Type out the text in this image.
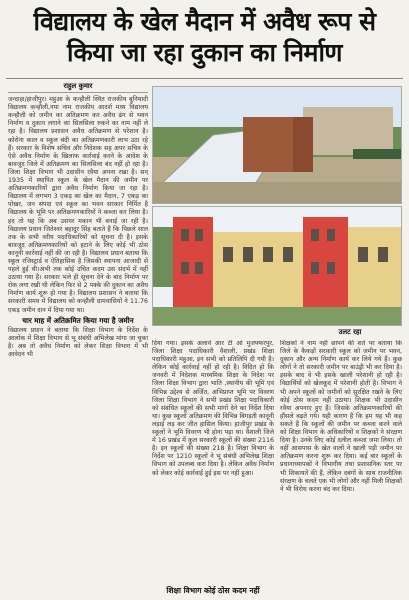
विद्यालय के खेल मैदान में अवैध रूप से किया जा रहा दुकान का निर्माण
राहुल कुमार

जन्दाहा/हाजीपुर। महुआ के कन्हौली स्थित राजकीय बुनियादी विद्यालय कन्हौली,नया नाम राजकीय आदर्श मध्य विद्यालय कन्हौली को जमीन का अतिक्रमण कर अवैध ढंग से भवन निर्माण व दुकान लगाने का सिलसिला रुकने का नाम नहीं ले रहा है। विद्यालय प्रशासन अवैध अतिक्रमण से परेशान है। कोरोना काल व स्कूल बंदी का अतिक्रमणकारी लाभ उठा रहे हैं। सरकार के विशेष सचिव और निदेशक सह अपर सचिव के ऐसे अवैध निर्माण के खिलाफ कार्रवाई करने के आदेश के बावजूद जिले में अतिक्रमण का सिलसिला बंद नहीं हो रहा है। जिला शिक्षा विभाग भी उदासीन रवैया अपना रखा है। सन् 1935 में स्थापित स्कूल के खेल मैदान की जमीन पर अतिक्रमणकारियों द्वारा अवैध निर्माण किया जा रहा है। विद्यालय में लगभग 3 एकड़ का खेल का मैदान, 7 एकड़ का पोखर, जन संपदा एवं स्कूल का भवन सरकार निर्मित है विद्यालय के भूमि पर अतिक्रमणकारियों ने कब्जा कर लिया है। हद तो यह कि अब उसपर मकान भी बनाई जा रही है। विद्यालय प्रधान जितेश्वर बहादुर सिंह बताते हैं कि पिछले साल तक के सभी वरीय पदाधिकारियों को सूचना दी है। इसके बावजूद अतिक्रमणकारियों को हटाने के लिए कोई भी ठोस कानूनी कार्रवाई नहीं की जा रही है। विद्यालय प्रधान बताया कि स्कूल रजिस्ट्रार्ड व ऐतिहासिक है जिसकी स्थापना आजादी से पहले हुई थी।अभी तक कोई उचित कदम उस संदर्भ में नहीं उठाया गया है। सरकार भले ही सूचना देने के बाद निर्माण पर रोक लगा रखी थी लेकिन फिर से 2 पक्के की दुकान का अवैध निर्माण कार्य शुरू हो गया है। विद्यालय प्रशासन ने बताया कि सरकारी समय में विद्यालय को कन्हौली ग्रामवासियों ने 11.76 एकड़ जमीन दान में दिया गया था।

चार माह में अतिक्रमित किया गया है जमीन

विद्यालय प्रधान ने बताया कि शिक्षा विभाग के निर्देश के आलोक में शिक्षा विभाग से भू संबंधी अभिलेख मांगा जा चुका है। अब तो अवैध निर्माण को लेकर शिक्षा विभाग में भी आवेदन भी

उलट रहा

दिया गया। इसके अलावे आर टी ओ मुजफ्फरपुर, जिला शिक्षा पदाधिकारी वैशाली, प्रखंड शिक्षा पदाधिकारी महुआ, इन सभी को प्रतिलिपि दी गयी है। लेकिन कोई कार्रवाई नहीं हो रही है। विदित हो कि जनवरी में निदेशक माध्यमिक शिक्षा के निदेश पर जिला शिक्षा विभाग द्वारा भाति ,स्थानीय की भूमि एवं विभिन्न उद्देश्य से अर्जित, अभिप्राप्त भूमि पर विवरण जिला शिक्षा विभाग ने सभी प्रखंड शिक्षा पदाधिकारी को संबंधित स्कूलों की सभी मांगों देने का निर्देश दिया था। कुछ स्कूलों अतिक्रमण की विभिन्न बिगड़ती कानूनी लड़ाई लड़ कर जीत हासिल किया। हाजीपुर प्रखंड के स्कूलों ने भूमि विवरण भी होना पड़ा था। वैशाली जिले में 16 प्रखंड में कुल सरकारी स्कूलों की संख्या 2116 है। इन स्कूलों की संख्या 218 है। शिक्षा विभाग के निर्देश पर 1210 स्कूलों ने भू संबंधी अभिलेख शिक्षा विभाग को उपलब्ध करा दिया है। लेकिन अवैध निर्माण को लेकर कोई कार्रवाई हुई इस पर नहीं हुआ।

शिक्षा विभाग कोई ठोस कदम नहीं

शिक्षकों ने नाम नहीं छापने की शर्त पर बताया कि जिले के कैकड़ों सरकारी स्कूल को जमीन पर भवन, दुकान और अन्य निर्माण कार्य कर लिये गये हैं। कुछ लोगों ने तो सरकारी जमीन पर बाउंड्री भी कर दिया है। इसके बाद वे भी इसके खाली परेशानी हो रही है। विद्यार्थियों को खेलकूद में परेशानी होती है। विभाग ने भी अपने स्कूलों को जमीनों को सुरक्षित रखने के लिए कोई ठोस कदम नहीं उठाया। शिक्षक भी उदासीन रवैया अपनाए हुए हैं। जिसके अतिक्रमणकारियों की हौंसले बढ़ते गये। यही कारण है कि हम यह भी कह सकते हैं कि स्कूलों की जमीन पर कब्जा करने वाले को शिक्षा विभाग के अधिकारियों व शिक्षकों ने संरक्षण दिया है। उनके लिए कोई दलील कब्जा जमा लिया। तो वहीं आसपास के खेत वालों ने खाली पड़ी जमीन पर अतिक्रमण करना शुरू कर दिया। कई बार स्कूलों के प्रधानाध्यापकों ने विभागीय तथा प्रशासनिक स्तर पर भी शिकायतें की हैं, लेकिन दबंगों के साथ राजनीतिक संरक्षण के चलते एक भी लोगों और नहीं मिली शिक्षकों ने भी विरोध करना बंद कर दिया।
